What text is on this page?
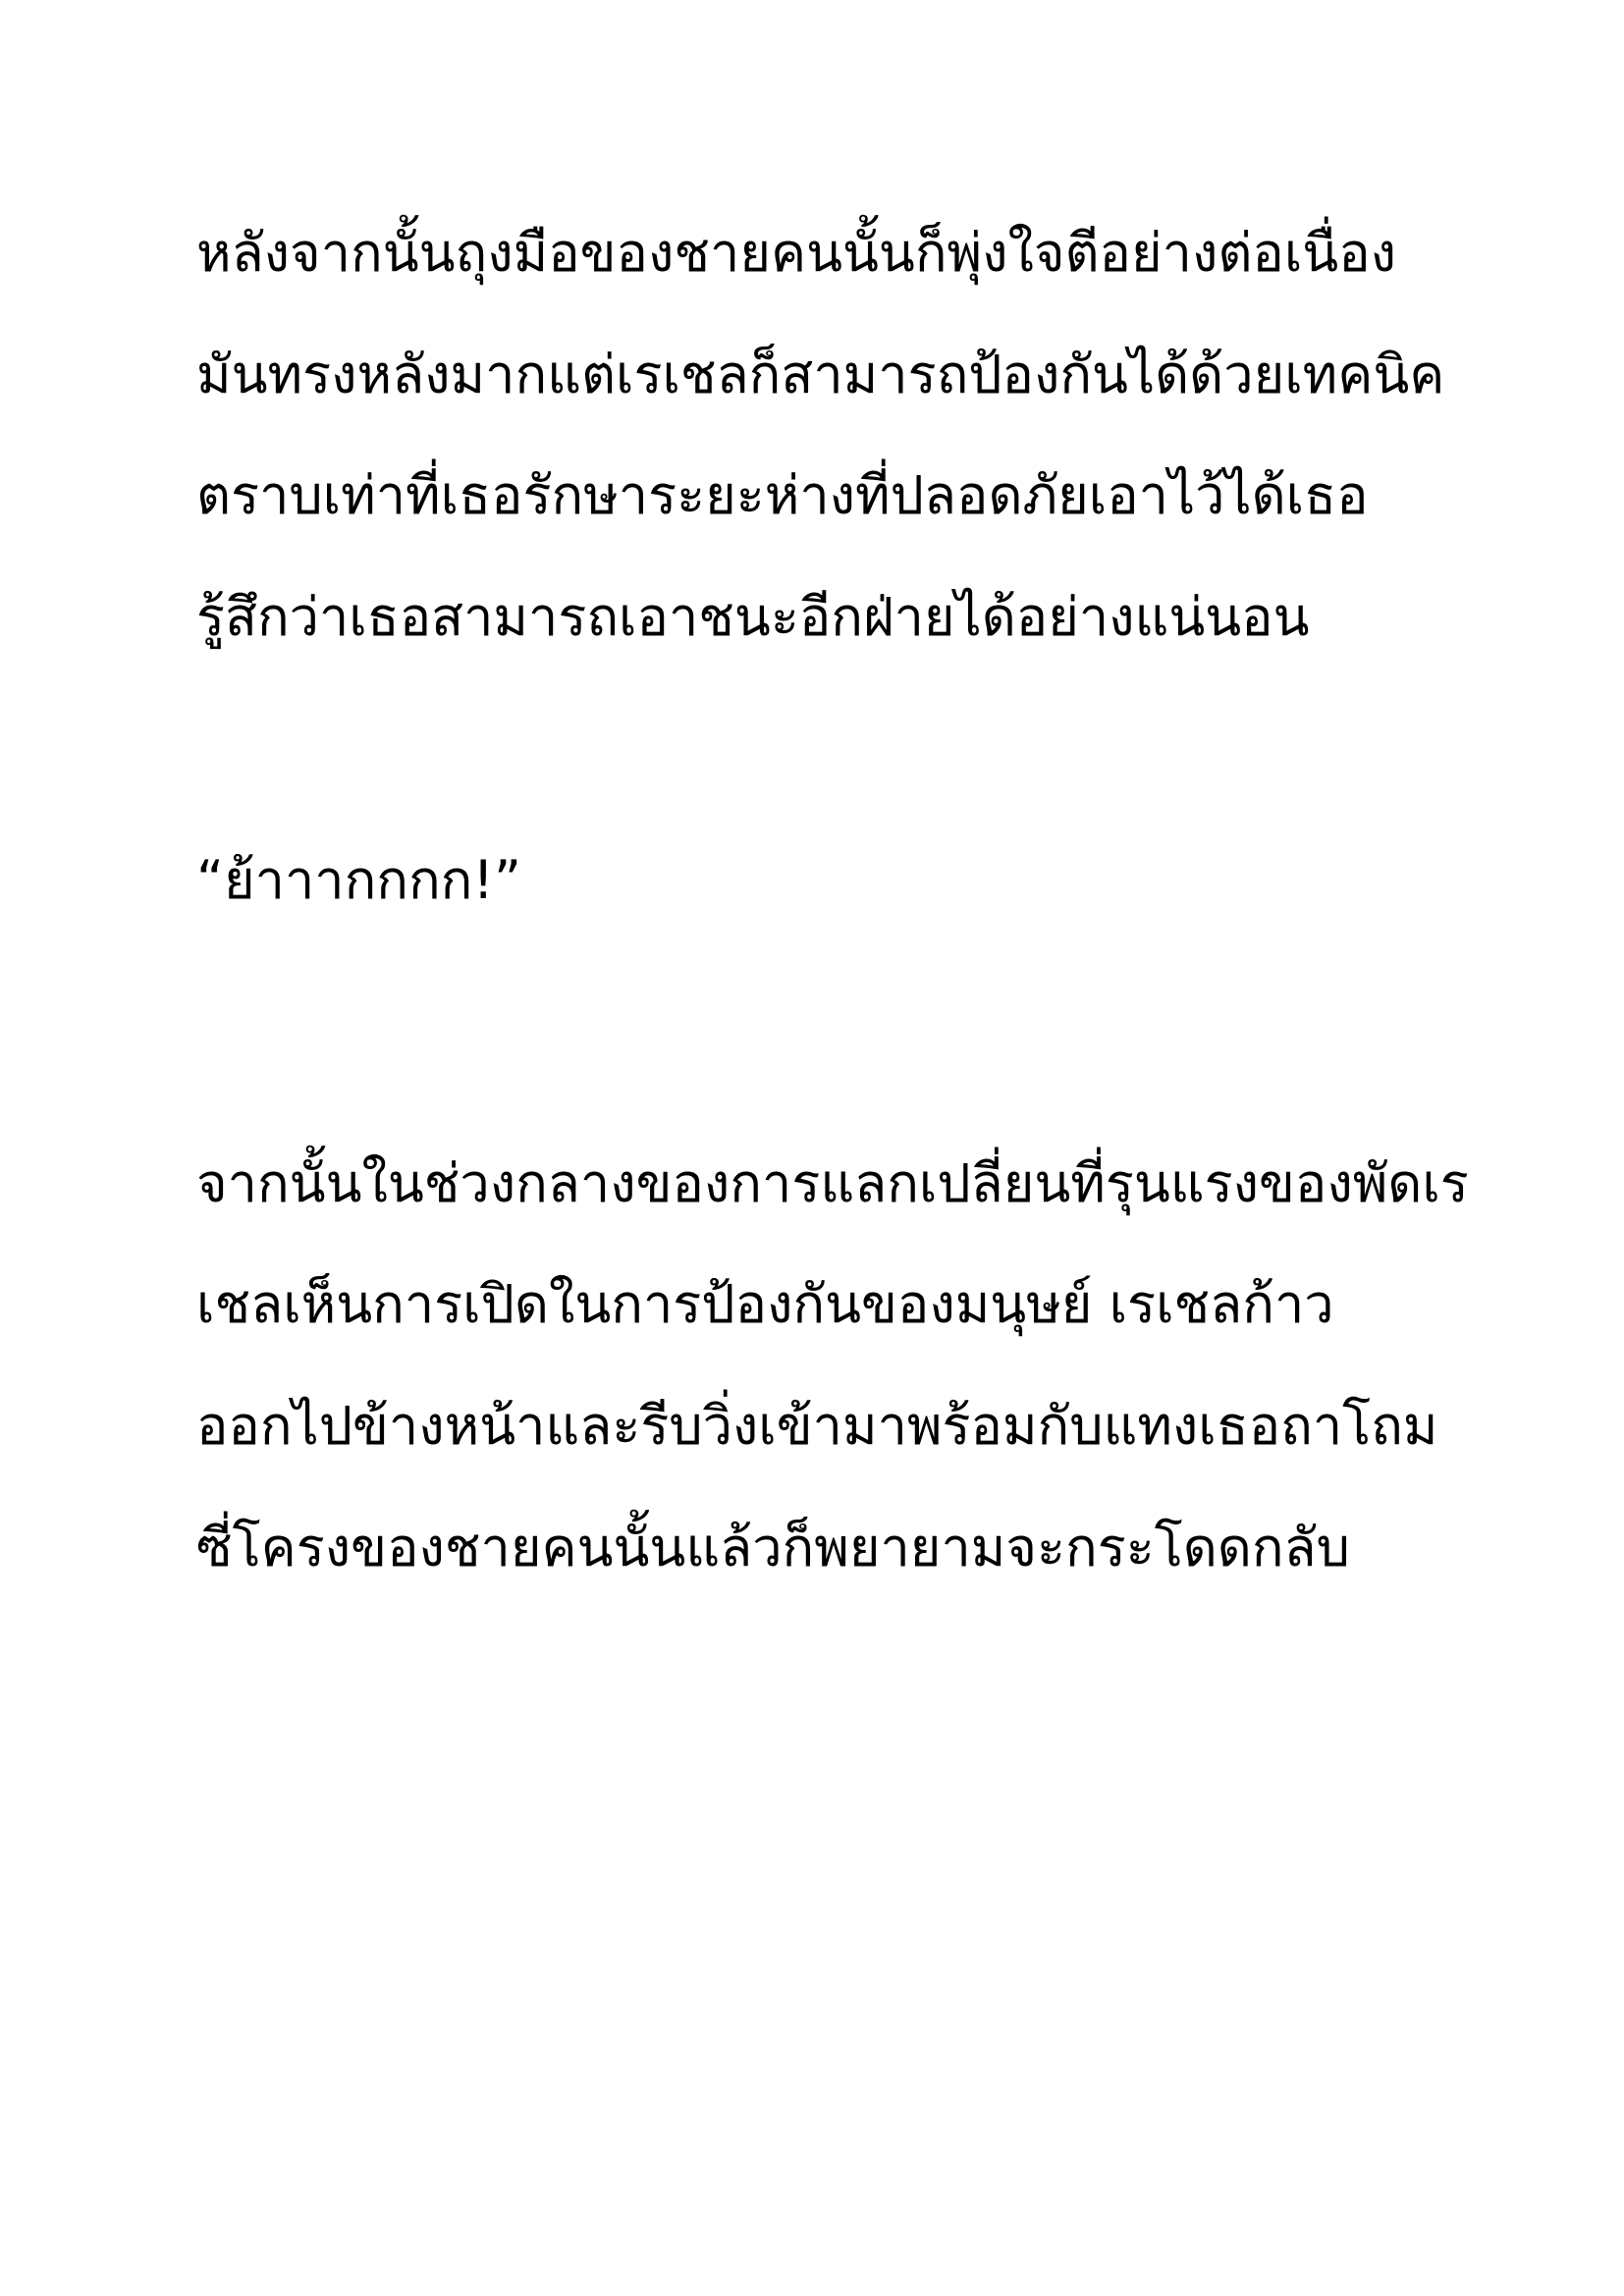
หลังจากนั้นถุงมือของชายคนนั้นก็พุ่งใจตีอย่างต่อเนื่อง
มันทรงหลังมากแต่เรเชลก็สามารถป้องกันได้ด้วยเทคนิค
ตราบเท่าที่เธอรักษาระยะห่างที่ปลอดภัยเอาไว้ได้เธอ
รู้สึกว่าเธอสามารถเอาชนะอีกฝ่ายได้อย่างแน่นอน
“ย้าาากกกก!”
จากนั้นในช่วงกลางของการแลกเปลี่ยนที่รุนแรงของพัดเร
เชลเห็นการเปิดในการป้องกันของมนุษย์ เรเชลก้าว
ออกไปข้างหน้าและรีบวิ่งเข้ามาพร้อมกับแทงเธอถาโถม
ซี่โครงของชายคนนั้นแล้วก็พยายามจะกระโดดกลับ
